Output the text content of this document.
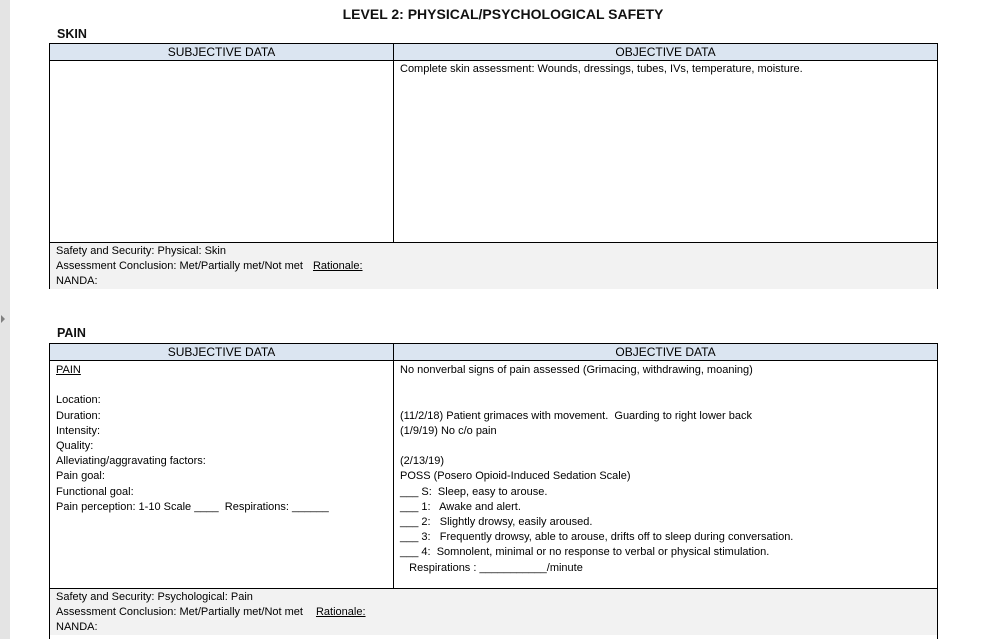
LEVEL 2: PHYSICAL/PSYCHOLOGICAL SAFETY
SKIN
SUBJECTIVE DATA	OBJECTIVE DATA
Complete skin assessment: Wounds, dressings, tubes, IVs, temperature, moisture.
Safety and Security: Physical: Skin
Assessment Conclusion: Met/Partially met/Not met Rationale:
NANDA:
PAIN
SUBJECTIVE DATA	OBJECTIVE DATA
PAIN
Location:
Duration:
Intensity:
Quality:
Alleviating/aggravating factors:
Pain goal:
Functional goal:
Pain perception: 1-10 Scale ____  Respirations: ______
No nonverbal signs of pain assessed (Grimacing, withdrawing, moaning)
(11/2/18) Patient grimaces with movement.  Guarding to right lower back
(1/9/19) No c/o pain
(2/13/19)
POSS (Posero Opioid-Induced Sedation Scale)
___ S:  Sleep, easy to arouse.
___ 1:   Awake and alert.
___ 2:   Slightly drowsy, easily aroused.
___ 3:   Frequently drowsy, able to arouse, drifts off to sleep during conversation.
___ 4:  Somnolent, minimal or no response to verbal or physical stimulation.
Respirations : ___________/minute
Safety and Security: Psychological: Pain
Assessment Conclusion: Met/Partially met/Not met Rationale:
NANDA:
